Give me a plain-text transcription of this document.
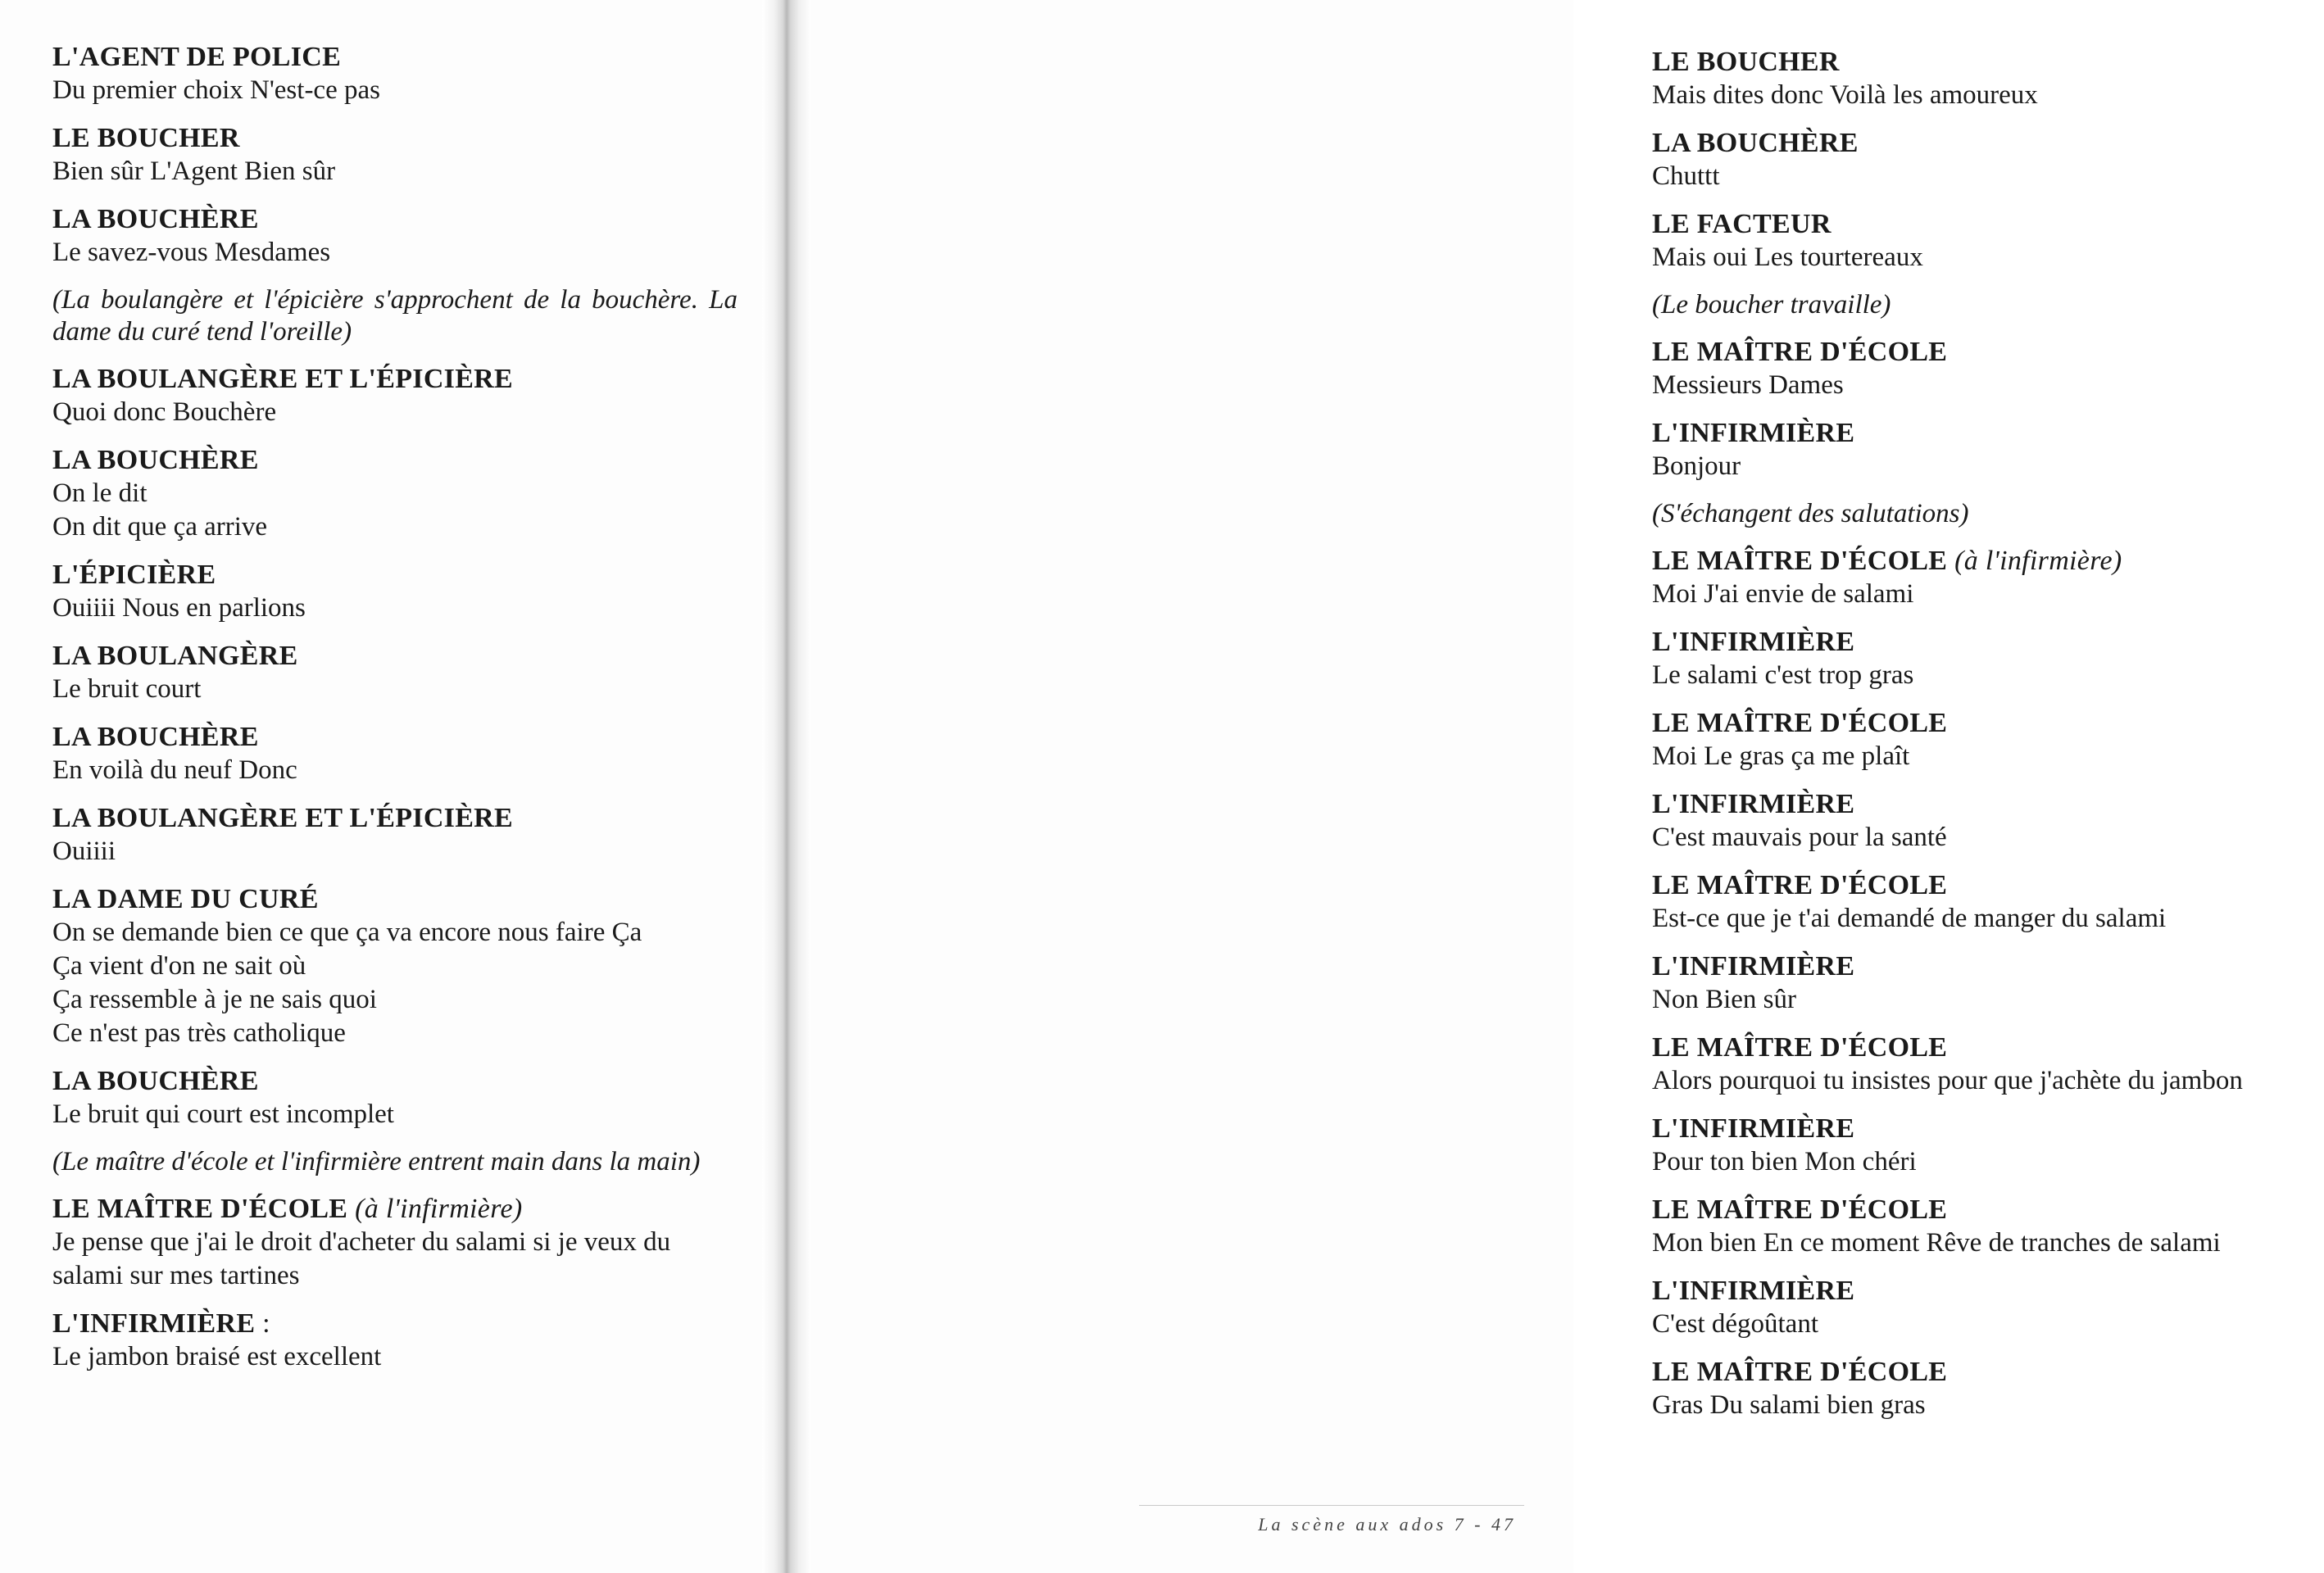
L'AGENT DE POLICE
Du premier choix N'est-ce pas
LE BOUCHER
Bien sûr L'Agent Bien sûr
LA BOUCHÈRE
Le savez-vous Mesdames
(La boulangère et l'épicière s'approchent de la bouchère. La dame du curé tend l'oreille)
LA BOULANGÈRE ET L'ÉPICIÈRE
Quoi donc Bouchère
LA BOUCHÈRE
On le dit
On dit que ça arrive
L'ÉPICIÈRE
Ouiiii Nous en parlions
LA BOULANGÈRE
Le bruit court
LA BOUCHÈRE
En voilà du neuf Donc
LA BOULANGÈRE ET L'ÉPICIÈRE
Ouiiii
LA DAME DU CURÉ
On se demande bien ce que ça va encore nous faire Ça
Ça vient d'on ne sait où
Ça ressemble à je ne sais quoi
Ce n'est pas très catholique
LA BOUCHÈRE
Le bruit qui court est incomplet
(Le maître d'école et l'infirmière entrent main dans la main)
LE MAÎTRE D'ÉCOLE (à l'infirmière)
Je pense que j'ai le droit d'acheter du salami si je veux du salami sur mes tartines
L'INFIRMIÈRE :
Le jambon braisé est excellent
LE BOUCHER
Mais dites donc Voilà les amoureux
LA BOUCHÈRE
Chuttt
LE FACTEUR
Mais oui Les tourtereaux
(Le boucher travaille)
LE MAÎTRE D'ÉCOLE
Messieurs Dames
L'INFIRMIÈRE
Bonjour
(S'échangent des salutations)
LE MAÎTRE D'ÉCOLE (à l'infirmière)
Moi J'ai envie de salami
L'INFIRMIÈRE
Le salami c'est trop gras
LE MAÎTRE D'ÉCOLE
Moi Le gras ça me plaît
L'INFIRMIÈRE
C'est mauvais pour la santé
LE MAÎTRE D'ÉCOLE
Est-ce que je t'ai demandé de manger du salami
L'INFIRMIÈRE
Non Bien sûr
LE MAÎTRE D'ÉCOLE
Alors pourquoi tu insistes pour que j'achète du jambon
L'INFIRMIÈRE
Pour ton bien Mon chéri
LE MAÎTRE D'ÉCOLE
Mon bien En ce moment Rêve de tranches de salami
L'INFIRMIÈRE
C'est dégoûtant
LE MAÎTRE D'ÉCOLE
Gras Du salami bien gras
La scène aux ados 7 - 47
